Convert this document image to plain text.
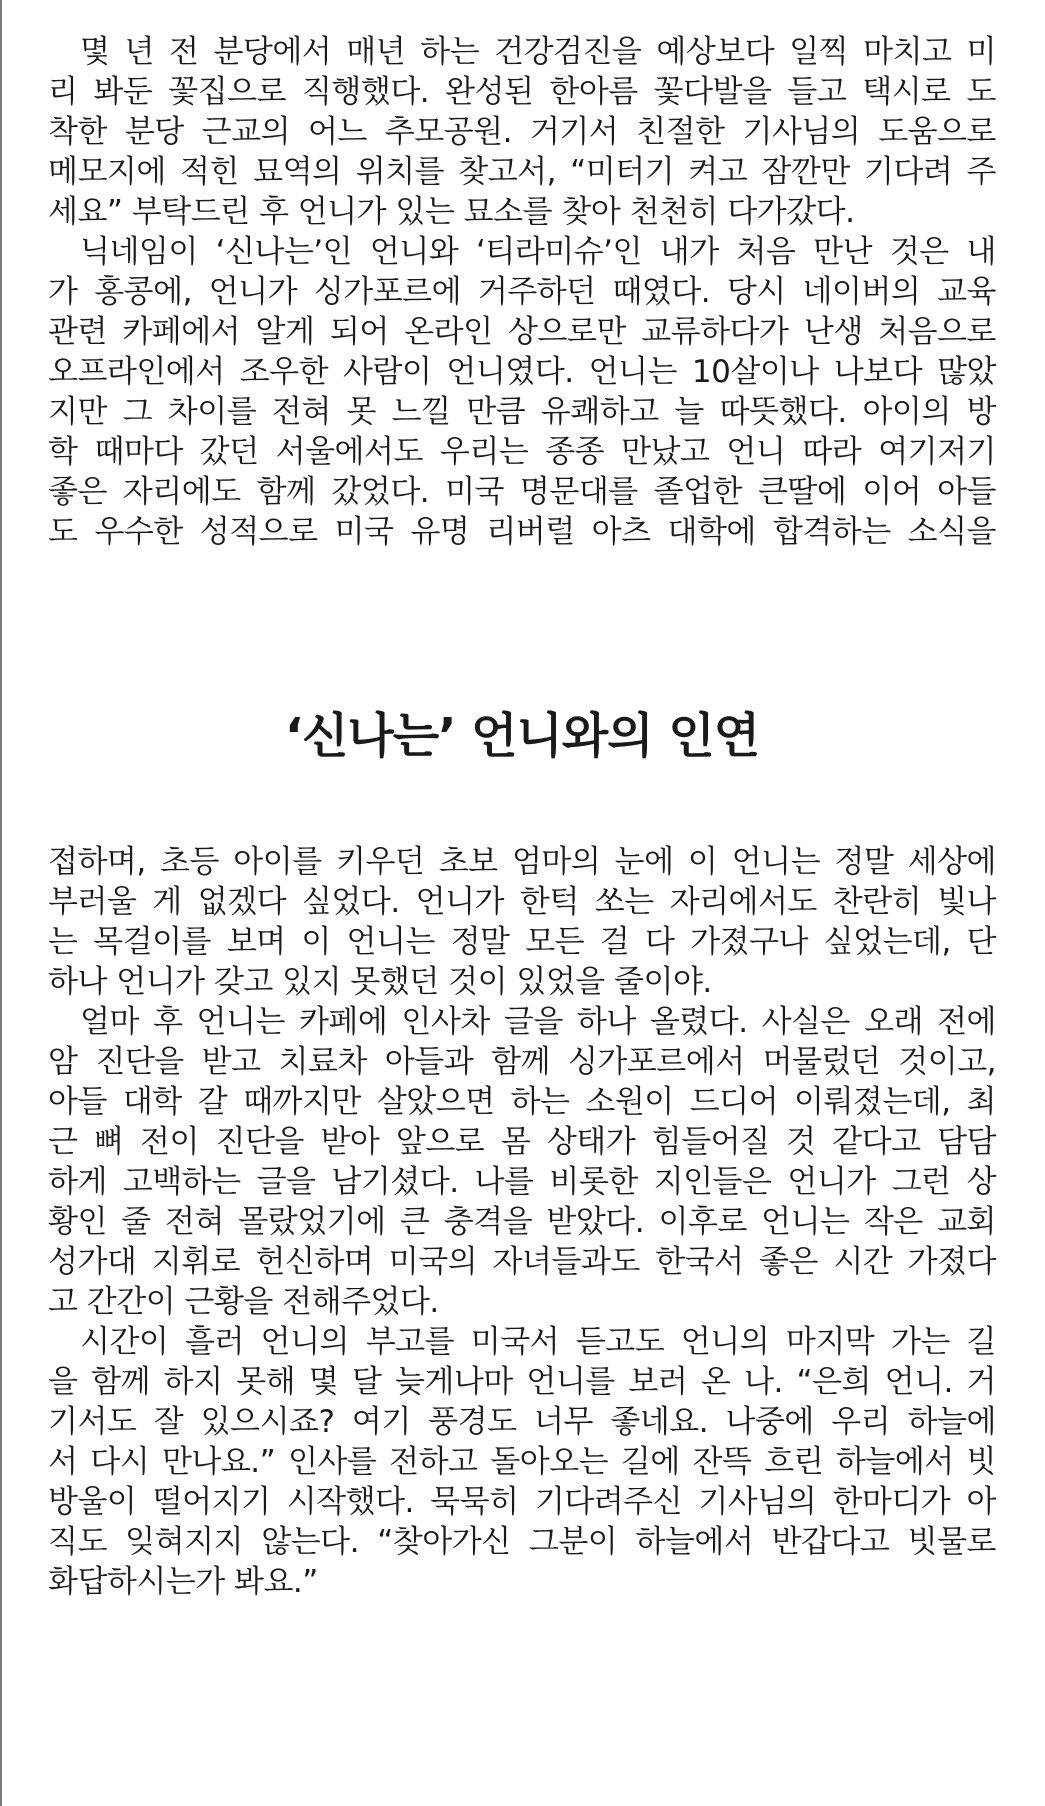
몇 년 전 분당에서 매년 하는 건강검진을 예상보다 일찍 마치고 미
리 봐둔 꽃집으로 직행했다. 완성된 한아름 꽃다발을 들고 택시로 도
착한 분당 근교의 어느 추모공원. 거기서 친절한 기사님의 도움으로
메모지에 적힌 묘역의 위치를 찾고서, “미터기 켜고 잠깐만 기다려 주
세요” 부탁드린 후 언니가 있는 묘소를 찾아 천천히 다가갔다.
닉네임이 ‘신나는’인 언니와 ‘티라미슈’인 내가 처음 만난 것은 내
가 홍콩에, 언니가 싱가포르에 거주하던 때였다. 당시 네이버의 교육
관련 카페에서 알게 되어 온라인 상으로만 교류하다가 난생 처음으로
오프라인에서 조우한 사람이 언니였다. 언니는 10살이나 나보다 많았
지만 그 차이를 전혀 못 느낄 만큼 유쾌하고 늘 따뜻했다. 아이의 방
학 때마다 갔던 서울에서도 우리는 종종 만났고 언니 따라 여기저기
좋은 자리에도 함께 갔었다. 미국 명문대를 졸업한 큰딸에 이어 아들
도 우수한 성적으로 미국 유명 리버럴 아츠 대학에 합격하는 소식을
‘신나는’ 언니와의 인연
접하며, 초등 아이를 키우던 초보 엄마의 눈에 이 언니는 정말 세상에
부러울 게 없겠다 싶었다. 언니가 한턱 쏘는 자리에서도 찬란히 빛나
는 목걸이를 보며 이 언니는 정말 모든 걸 다 가졌구나 싶었는데, 단
하나 언니가 갖고 있지 못했던 것이 있었을 줄이야.
얼마 후 언니는 카페에 인사차 글을 하나 올렸다. 사실은 오래 전에
암 진단을 받고 치료차 아들과 함께 싱가포르에서 머물렀던 것이고,
아들 대학 갈 때까지만 살았으면 하는 소원이 드디어 이뤄졌는데, 최
근 뼈 전이 진단을 받아 앞으로 몸 상태가 힘들어질 것 같다고 담담
하게 고백하는 글을 남기셨다. 나를 비롯한 지인들은 언니가 그런 상
황인 줄 전혀 몰랐었기에 큰 충격을 받았다. 이후로 언니는 작은 교회
성가대 지휘로 헌신하며 미국의 자녀들과도 한국서 좋은 시간 가졌다
고 간간이 근황을 전해주었다.
시간이 흘러 언니의 부고를 미국서 듣고도 언니의 마지막 가는 길
을 함께 하지 못해 몇 달 늦게나마 언니를 보러 온 나. “은희 언니. 거
기서도 잘 있으시죠? 여기 풍경도 너무 좋네요. 나중에 우리 하늘에
서 다시 만나요.” 인사를 전하고 돌아오는 길에 잔뜩 흐린 하늘에서 빗
방울이 떨어지기 시작했다. 묵묵히 기다려주신 기사님의 한마디가 아
직도 잊혀지지 않는다. “찾아가신 그분이 하늘에서 반갑다고 빗물로
화답하시는가 봐요.”
